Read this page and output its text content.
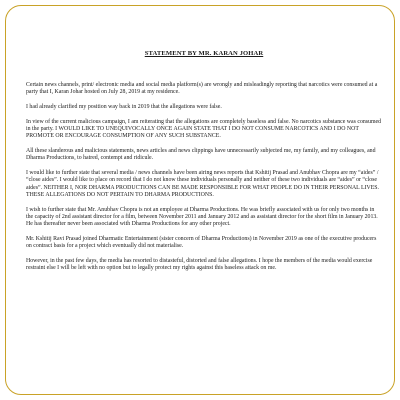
STATEMENT BY MR. KARAN JOHAR

Certain news channels, print/ electronic media and social media platform(s) are wrongly and misleadingly reporting that narcotics were consumed at a party that I, Karan Johar hosted on July 28, 2019 at my residence.

I had already clarified my position way back in 2019 that the allegations were false.

In view of the current malicious campaign, I am reiterating that the allegations are completely baseless and false. No narcotics substance was consumed in the party. I WOULD LIKE TO UNEQUIVOCALLY ONCE AGAIN STATE THAT I DO NOT CONSUME NARCOTICS AND I DO NOT PROMOTE OR ENCOURAGE CONSUMPTION OF ANY SUCH SUBSTANCE.

All these slanderous and malicious statements, news articles and news clippings have unnecessarily subjected me, my family, and my colleagues, and Dharma Productions, to hatred, contempt and ridicule.

I would like to further state that several media / news channels have been airing news reports that Kshitij Prasad and Anubhav Chopra are my “aides” / “close aides”. I would like to place on record that I do not know these individuals personally and neither of these two individuals are “aides” or “close aides”. NEITHER I, NOR DHARMA PRODUCTIONS CAN BE MADE RESPONSIBLE FOR WHAT PEOPLE DO IN THEIR PERSONAL LIVES. THESE ALLEGATIONS DO NOT PERTAIN TO DHARMA PRODUCTIONS.

I wish to further state that Mr. Anubhav Chopra is not an employee at Dharma Productions. He was briefly associated with us for only two months in the capacity of 2nd assistant director for a film, between November 2011 and January 2012 and as assistant director for the short film in January 2013. He has thereafter never been associated with Dharma Productions for any other project.

Mr. Kshitij Ravi Prasad joined Dharmatic Entertainment (sister concern of Dharma Productions) in November 2019 as one of the executive producers on contract basis for a project which eventually did not materialise.

However, in the past few days, the media has resorted to distasteful, distorted and false allegations. I hope the members of the media would exercise restraint else I will be left with no option but to legally protect my rights against this baseless attack on me.
